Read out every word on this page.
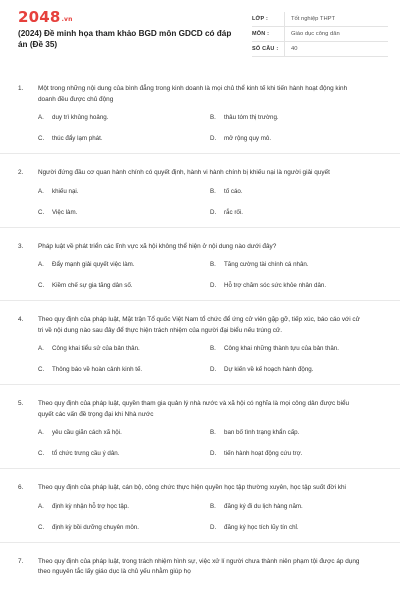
2048.vn
(2024) Đề minh họa tham khảo BGD môn GDCD có đáp án (Đề 35)
LỚP :	Tốt nghiệp THPT
MÔN :	Giáo dục công dân
SỐ CÂU :	40
1.	Một trong những nội dung của bình đẳng trong kinh doanh là mọi chủ thể kinh tế khi tiến hành hoạt động kinh doanh đều được chủ động
A.	duy trì khủng hoảng.	B.	thâu tóm thị trường.
C.	thúc đẩy lạm phát.	D.	mở rộng quy mô.
2.	Người đứng đầu cơ quan hành chính có quyết định, hành vi hành chính bị khiếu nại là người giải quyết
A.	khiếu nại.	B.	tố cáo.
C.	Việc làm.	D.	rắc rối.
3.	Pháp luật về phát triển các lĩnh vực xã hội không thể hiện ở nội dung nào dưới đây?
A.	Đẩy mạnh giải quyết việc làm.	B.	Tăng cường tài chính cá nhân.
C.	Kiềm chế sự gia tăng dân số.	D.	Hỗ trợ chăm sóc sức khỏe nhân dân.
4.	Theo quy định của pháp luật, Mặt trận Tổ quốc Việt Nam tổ chức để ứng cử viên gặp gỡ, tiếp xúc, báo cáo với cử tri về nội dung nào sau đây để thực hiện trách nhiệm của người đại biểu nếu trúng cử.
A.	Công khai tiểu sử của bản thân.	B.	Công khai những thành tựu của bản thân.
C.	Thông báo về hoàn cảnh kinh tế.	D.	Dự kiến về kế hoạch hành động.
5.	Theo quy định của pháp luật, quyền tham gia quản lý nhà nước và xã hội có nghĩa là mọi công dân được biểu quyết các vấn đề trọng đại khi Nhà nước
A.	yêu cầu giãn cách xã hội.	B.	ban bố tình trạng khẩn cấp.
C.	tổ chức trưng cầu ý dân.	D.	tiến hành hoạt động cứu trợ.
6.	Theo quy định của pháp luật, cán bộ, công chức thực hiện quyền học tập thường xuyên, học tập suốt đời khi
A.	định kỳ nhận hỗ trợ học tập.	B.	đăng ký đi du lịch hàng năm.
C.	định kỳ bồi dưỡng chuyên môn.	D.	đăng ký học tích lũy tín chỉ.
7.	Theo quy định của pháp luật, trong trách nhiệm hình sự, việc xử lí người chưa thành niên phạm tội được áp dụng theo nguyên tắc lấy giáo dục là chủ yếu nhằm giúp họ
